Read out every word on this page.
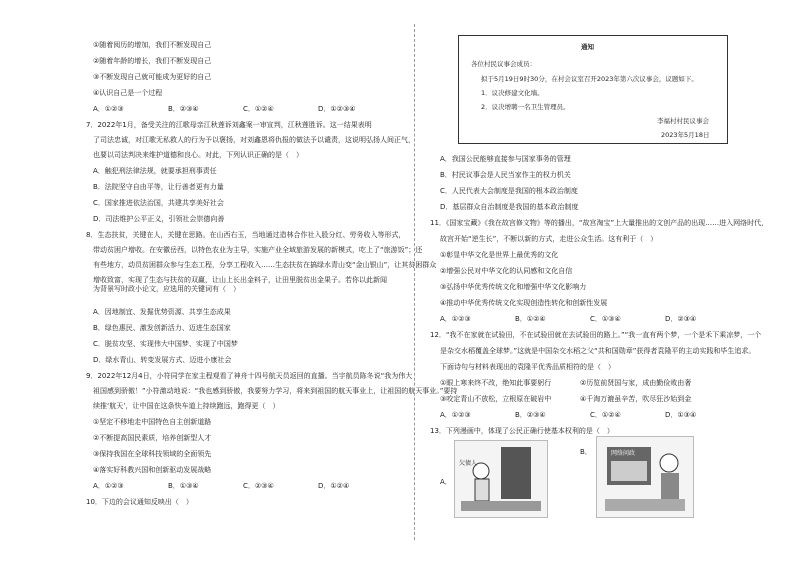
①随着阅历的增加，我们不断发现自己
②随着年龄的增长，我们不断发现自己
③不断发现自己就可能成为更好的自己
④认识自己是一个过程
A．①②③	B．②③④	C．①②④	D．①②③④
7．2022年1月，备受关注的江歌母亲江秋莲诉刘鑫案一审宣判，江秋莲胜诉。这一结果表明
了司法忠诚，对江歌无私救人的行为予以褒扬，对刘鑫恩将仇报的做法予以谴责，这说明弘扬人间正气，
也要以司法判决来维护道德和良心。对此，下列认识正确的是（　）
A．触犯刑法律法规，就要承担刑事责任
B．法院坚守自由平等，让行善者更有力量
C．国家推进依法治国，共建共享美好社会
D．司法维护公平正义，引领社会崇德向善
8．生态扶贫，关键在人，关键在思路。在山西右玉，当地通过造林合作社入股分红、劳务收入等形式，
带动贫困户增收。在安徽岳西，以特色农业为主导，实施产业全域旅游发展的新模式，吃上了“旅游饭”；还
有些地方，动员贫困群众参与生态工程，分享工程收入……生态扶贫在搞绿水青山变“金山银山”，让其贫困群众
增收致富，实现了生态与扶贫的双赢，让山上长出金料子，让田里脱贫出金果子。若你以此新闻为背景写时政小论文，应选用的关键词有（　）
A．因地制宜、发掘优势资源、共享生态成果
B．绿色惠民、激发创新活力、迈进生态国家
C．脱贫攻坚、实现伟大中国梦、实现了中国梦
D．绿水青山、转变发展方式、迈进小康社会
9．2022年12月4日，小符同学在家主程观看了神舟十四号航天员返回的直播。当宇航员陈冬说“我为伟大
祖国感到骄傲！”小符激动地说：“我也感到骄傲，我要努力学习，将来到祖国的航天事业上，让祖国的航天事业。”要持
续推‘航天’，让中国在这条快车道上持续跑远，跑得更（　）
①坚定不移地走中国特色自主创新道路
②不断提高国民素质，培养创新型人才
③保持我国在全球科技领域的全面领先
④落实好科教兴国和创新驱动发展战略
A．①②③	B．①③④	C．②③④	D．①②④
10．下边的会议通知反映出（　）
通知
各位村民议事会成员：
拟于5月19日9时30分，在村会议室召开2023年第六次议事会，议题如下。
1．议决修建文化墙。
2．议决增聘一名卫生管理员。
李福村村民议事会
2023年5月18日
A．我国公民能够直接参与国家事务的管理
B．村民议事会是人民当家作主的权力机关
C．人民代表大会制度是我国的根本政治制度
D．基层群众自治制度是我国的基本政治制度
11．《国家宝藏》《我在故宫修文物》等的播出，“故宫淘宝”上大量推出的文创产品的出现……进入网络时代，
故宫开始“逆生长”，不断以新的方式，走进公众生活。这有利于（　）
①彰显中华文化是世界上最优秀的文化
②增强公民对中华文化的认同感和文化自信
③弘扬中华优秀传统文化和增强中华文化影响力
④推动中华优秀传统文化实现创造性转化和创新性发展
A．①②③	B．①②④	C．①③④	D．②③④
12．“我不在家就在试验田，不在试验田就在去试验田的路上。”“我一直有两个梦，一个是禾下乘凉梦，一个
是杂交水稻覆盖全球梦。”这就是中国杂交水稻之父“共和国勋章”获得者袁隆平的主动实践和毕生追求。
下面诗句与材料表现出的袁隆平优秀品质相符的是（　）
①眼上寒来终不改，绝知此事要躬行	②历览前贤国与家，成由勤俭败由奢
③咬定青山不放松，立根原在破岩中	④千淘万漉虽辛苦，吹尽狂沙始到金
A．①②③	B．②③④	C．①②④	D．①③④
13．下列漫画中，体现了公民正确行使基本权利的是（　）
A．
欠债人
B．	网络问政
